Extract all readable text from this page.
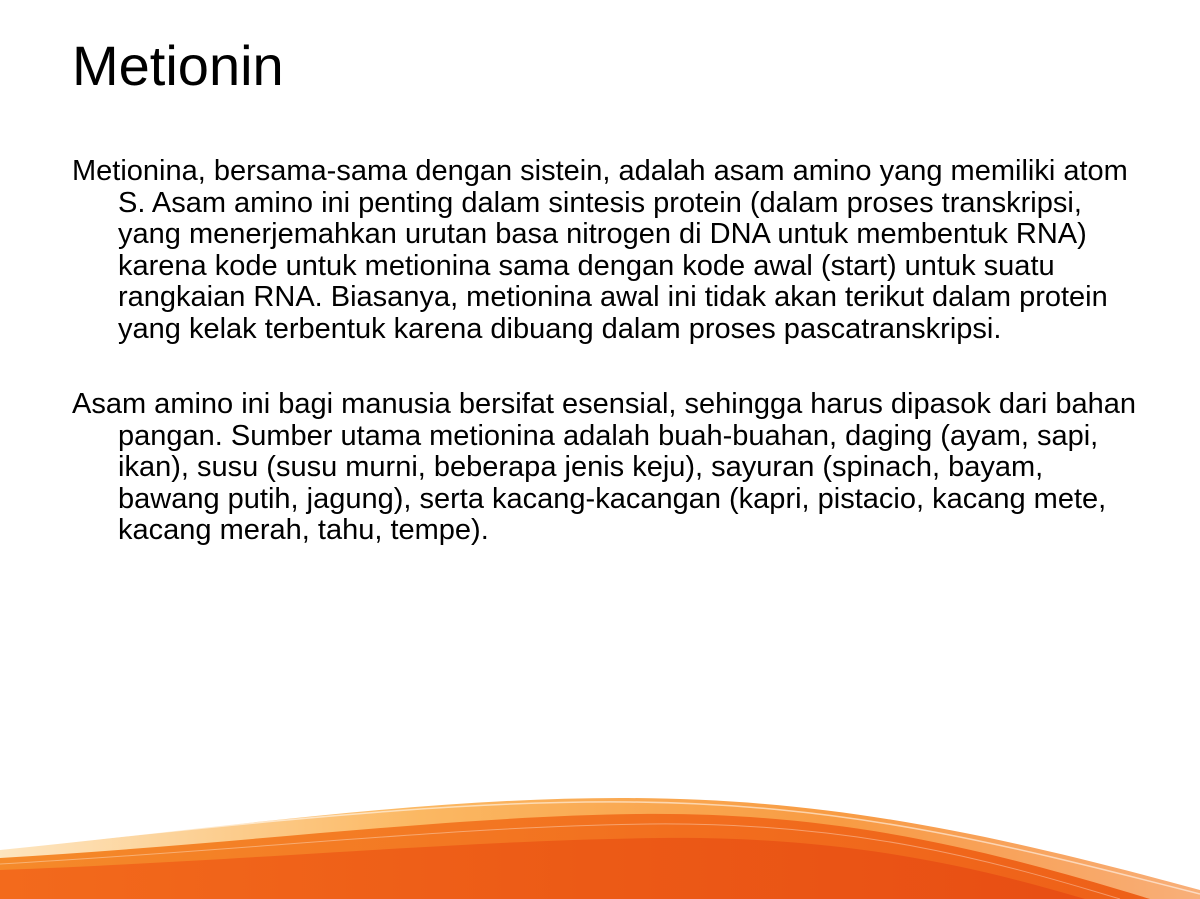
Metionin

Metionina, bersama-sama dengan sistein, adalah asam amino yang memiliki atom S. Asam amino ini penting dalam sintesis protein (dalam proses transkripsi, yang menerjemahkan urutan basa nitrogen di DNA untuk membentuk RNA) karena kode untuk metionina sama dengan kode awal (start) untuk suatu rangkaian RNA. Biasanya, metionina awal ini tidak akan terikut dalam protein yang kelak terbentuk karena dibuang dalam proses pascatranskripsi.

Asam amino ini bagi manusia bersifat esensial, sehingga harus dipasok dari bahan pangan. Sumber utama metionina adalah buah-buahan, daging (ayam, sapi, ikan), susu (susu murni, beberapa jenis keju), sayuran (spinach, bayam, bawang putih, jagung), serta kacang-kacangan (kapri, pistacio, kacang mete, kacang merah, tahu, tempe).
